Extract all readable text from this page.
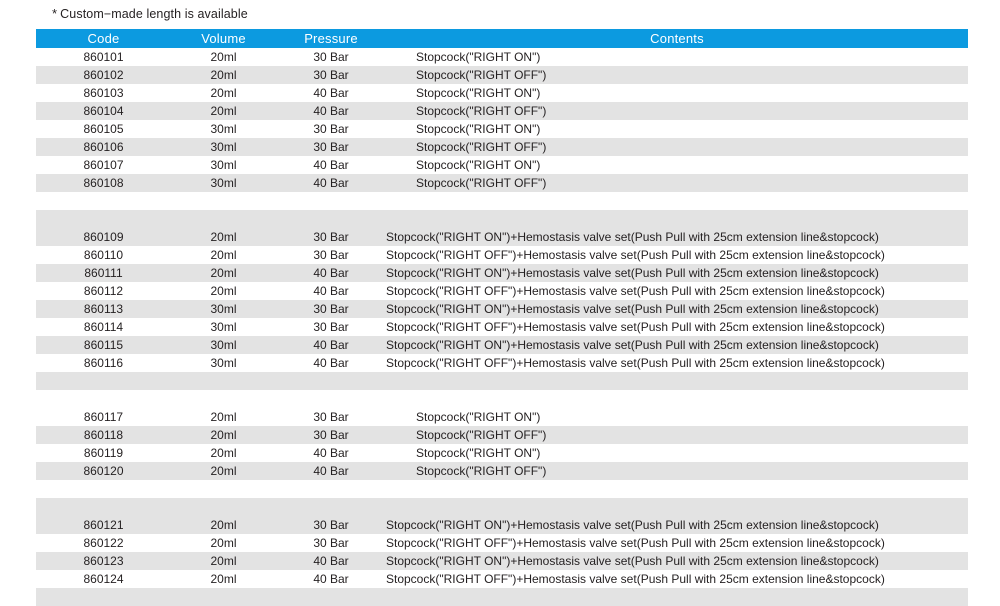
* Custom−made length is available
Code	Volume	Pressure	Contents
860101	20ml	30 Bar	Stopcock("RIGHT ON")

860102	20ml	30 Bar	Stopcock("RIGHT OFF")

860103	20ml	40 Bar	Stopcock("RIGHT ON")

860104	20ml	40 Bar	Stopcock("RIGHT OFF")

860105	30ml	30 Bar	Stopcock("RIGHT ON")

860106	30ml	30 Bar	Stopcock("RIGHT OFF")

860107	30ml	40 Bar	Stopcock("RIGHT ON")

860108	30ml	40 Bar	Stopcock("RIGHT OFF")

860109	20ml	30 Bar	Stopcock("RIGHT ON")+Hemostasis valve set(Push Pull with 25cm extension line&stopcock)

860110	20ml	30 Bar	Stopcock("RIGHT OFF")+Hemostasis valve set(Push Pull with 25cm extension line&stopcock)

860111	20ml	40 Bar	Stopcock("RIGHT ON")+Hemostasis valve set(Push Pull with 25cm extension line&stopcock)

860112	20ml	40 Bar	Stopcock("RIGHT OFF")+Hemostasis valve set(Push Pull with 25cm extension line&stopcock)

860113	30ml	30 Bar	Stopcock("RIGHT ON")+Hemostasis valve set(Push Pull with 25cm extension line&stopcock)

860114	30ml	30 Bar	Stopcock("RIGHT OFF")+Hemostasis valve set(Push Pull with 25cm extension line&stopcock)

860115	30ml	40 Bar	Stopcock("RIGHT ON")+Hemostasis valve set(Push Pull with 25cm extension line&stopcock)

860116	30ml	40 Bar	Stopcock("RIGHT OFF")+Hemostasis valve set(Push Pull with 25cm extension line&stopcock)

860117	20ml	30 Bar	Stopcock("RIGHT ON")

860118	20ml	30 Bar	Stopcock("RIGHT OFF")

860119	20ml	40 Bar	Stopcock("RIGHT ON")

860120	20ml	40 Bar	Stopcock("RIGHT OFF")

860121	20ml	30 Bar	Stopcock("RIGHT ON")+Hemostasis valve set(Push Pull with 25cm extension line&stopcock)

860122	20ml	30 Bar	Stopcock("RIGHT OFF")+Hemostasis valve set(Push Pull with 25cm extension line&stopcock)

860123	20ml	40 Bar	Stopcock("RIGHT ON")+Hemostasis valve set(Push Pull with 25cm extension line&stopcock)

860124	20ml	40 Bar	Stopcock("RIGHT OFF")+Hemostasis valve set(Push Pull with 25cm extension line&stopcock)
